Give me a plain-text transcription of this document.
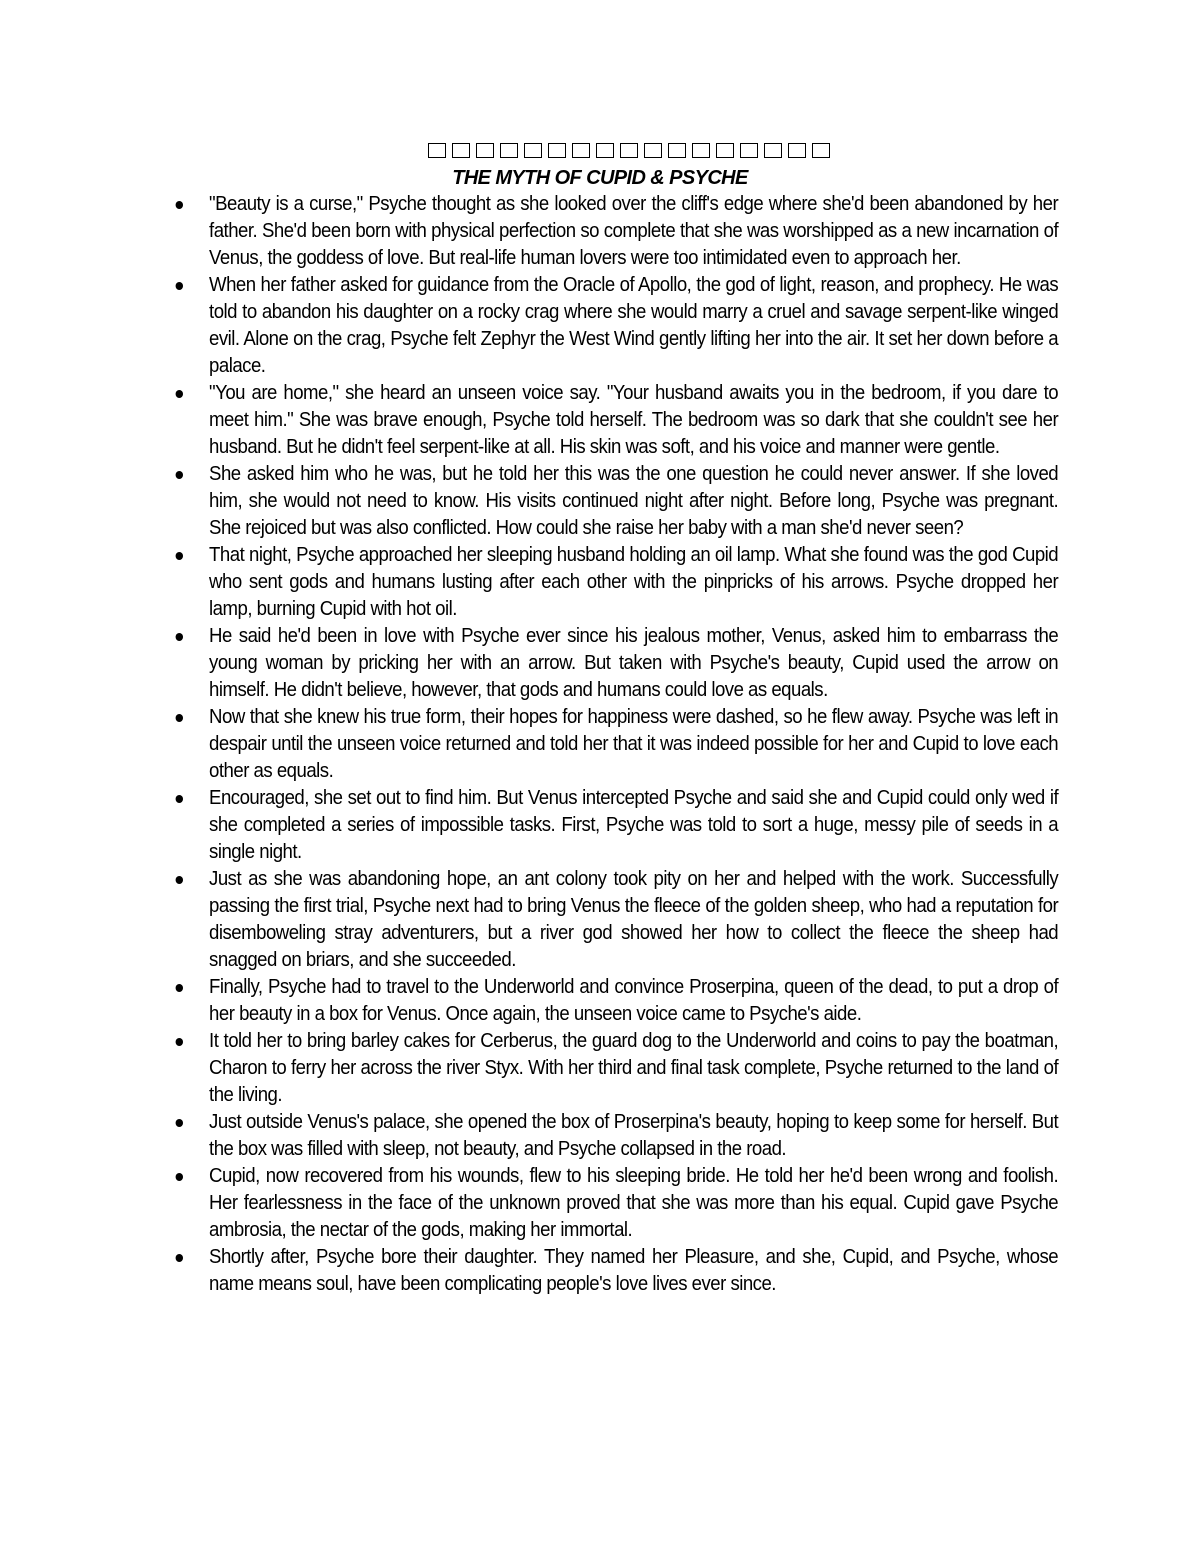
THE MYTH OF CUPID & PSYCHE
"Beauty is a curse," Psyche thought as she looked over the cliff's edge where she'd been abandoned by her father. She'd been born with physical perfection so complete that she was worshipped as a new incarnation of Venus, the goddess of love. But real-life human lovers were too intimidated even to approach her.
When her father asked for guidance from the Oracle of Apollo, the god of light, reason, and prophecy. He was told to abandon his daughter on a rocky crag where she would marry a cruel and savage serpent-like winged evil. Alone on the crag, Psyche felt Zephyr the West Wind gently lifting her into the air. It set her down before a palace.
"You are home," she heard an unseen voice say. "Your husband awaits you in the bedroom, if you dare to meet him." She was brave enough, Psyche told herself. The bedroom was so dark that she couldn't see her husband. But he didn't feel serpent-like at all. His skin was soft, and his voice and manner were gentle.
She asked him who he was, but he told her this was the one question he could never answer. If she loved him, she would not need to know. His visits continued night after night. Before long, Psyche was pregnant. She rejoiced but was also conflicted. How could she raise her baby with a man she'd never seen?
That night, Psyche approached her sleeping husband holding an oil lamp. What she found was the god Cupid who sent gods and humans lusting after each other with the pinpricks of his arrows. Psyche dropped her lamp, burning Cupid with hot oil.
He said he'd been in love with Psyche ever since his jealous mother, Venus, asked him to embarrass the young woman by pricking her with an arrow. But taken with Psyche's beauty, Cupid used the arrow on himself. He didn't believe, however, that gods and humans could love as equals.
Now that she knew his true form, their hopes for happiness were dashed, so he flew away. Psyche was left in despair until the unseen voice returned and told her that it was indeed possible for her and Cupid to love each other as equals.
Encouraged, she set out to find him. But Venus intercepted Psyche and said she and Cupid could only wed if she completed a series of impossible tasks. First, Psyche was told to sort a huge, messy pile of seeds in a single night.
Just as she was abandoning hope, an ant colony took pity on her and helped with the work. Successfully passing the first trial, Psyche next had to bring Venus the fleece of the golden sheep, who had a reputation for disemboweling stray adventurers, but a river god showed her how to collect the fleece the sheep had snagged on briars, and she succeeded.
Finally, Psyche had to travel to the Underworld and convince Proserpina, queen of the dead, to put a drop of her beauty in a box for Venus. Once again, the unseen voice came to Psyche's aide.
It told her to bring barley cakes for Cerberus, the guard dog to the Underworld and coins to pay the boatman, Charon to ferry her across the river Styx. With her third and final task complete, Psyche returned to the land of the living.
Just outside Venus's palace, she opened the box of Proserpina's beauty, hoping to keep some for herself. But the box was filled with sleep, not beauty, and Psyche collapsed in the road.
Cupid, now recovered from his wounds, flew to his sleeping bride. He told her he'd been wrong and foolish. Her fearlessness in the face of the unknown proved that she was more than his equal. Cupid gave Psyche ambrosia, the nectar of the gods, making her immortal.
Shortly after, Psyche bore their daughter. They named her Pleasure, and she, Cupid, and Psyche, whose name means soul, have been complicating people's love lives ever since.
